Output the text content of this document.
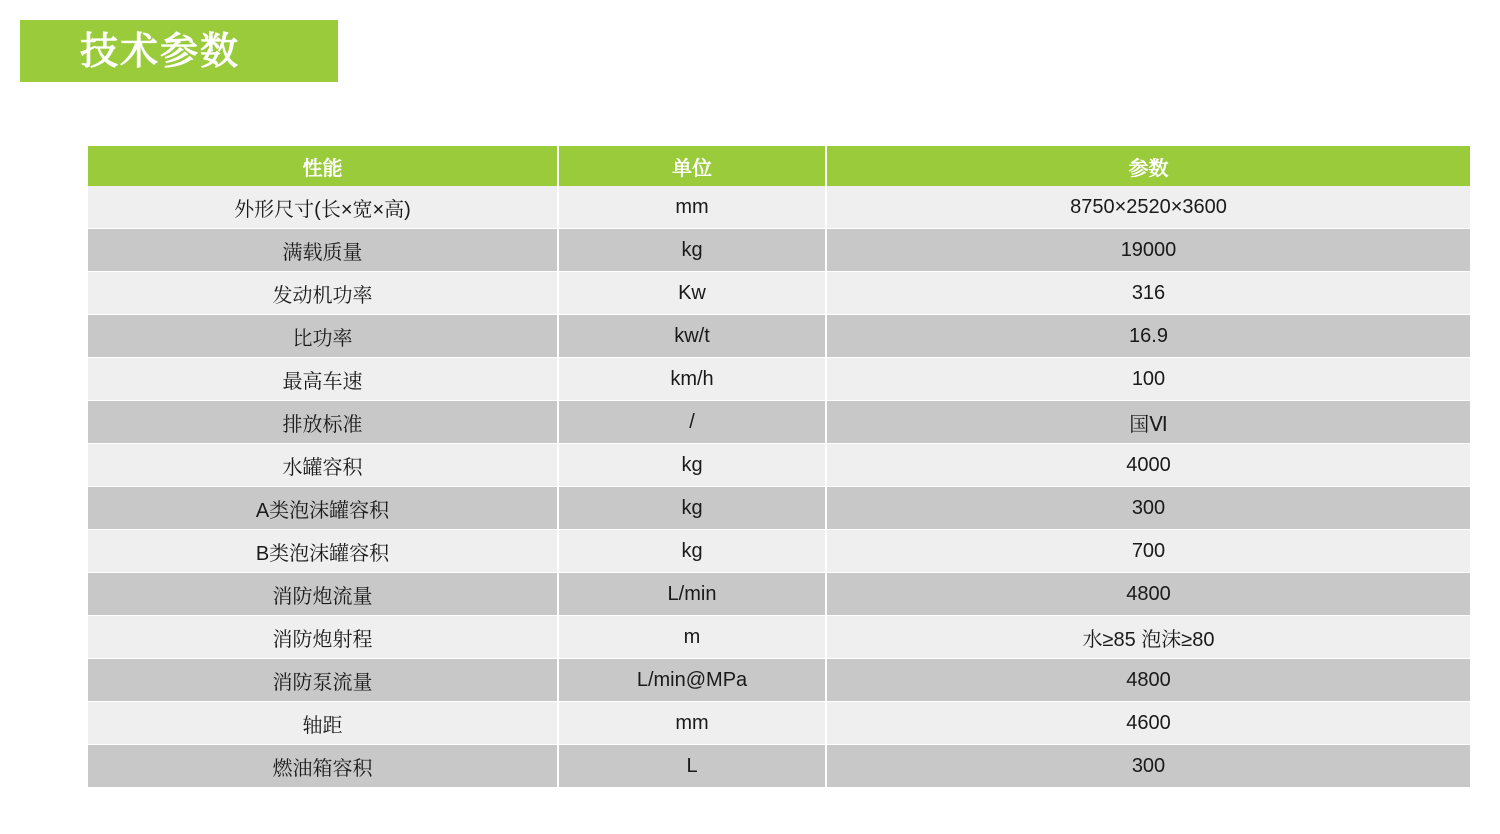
技术参数
性能	单位	参数
外形尺寸(长×宽×高)	mm	8750×2520×3600
满载质量	kg	19000
发动机功率	Kw	316
比功率	kw/t	16.9
最高车速	km/h	100
排放标准	/	国Ⅵ
水罐容积	kg	4000
A类泡沫罐容积	kg	300
B类泡沫罐容积	kg	700
消防炮流量	L/min	4800
消防炮射程	m	水≥85 泡沫≥80
消防泵流量	L/min@MPa	4800
轴距	mm	4600
燃油箱容积	L	300
